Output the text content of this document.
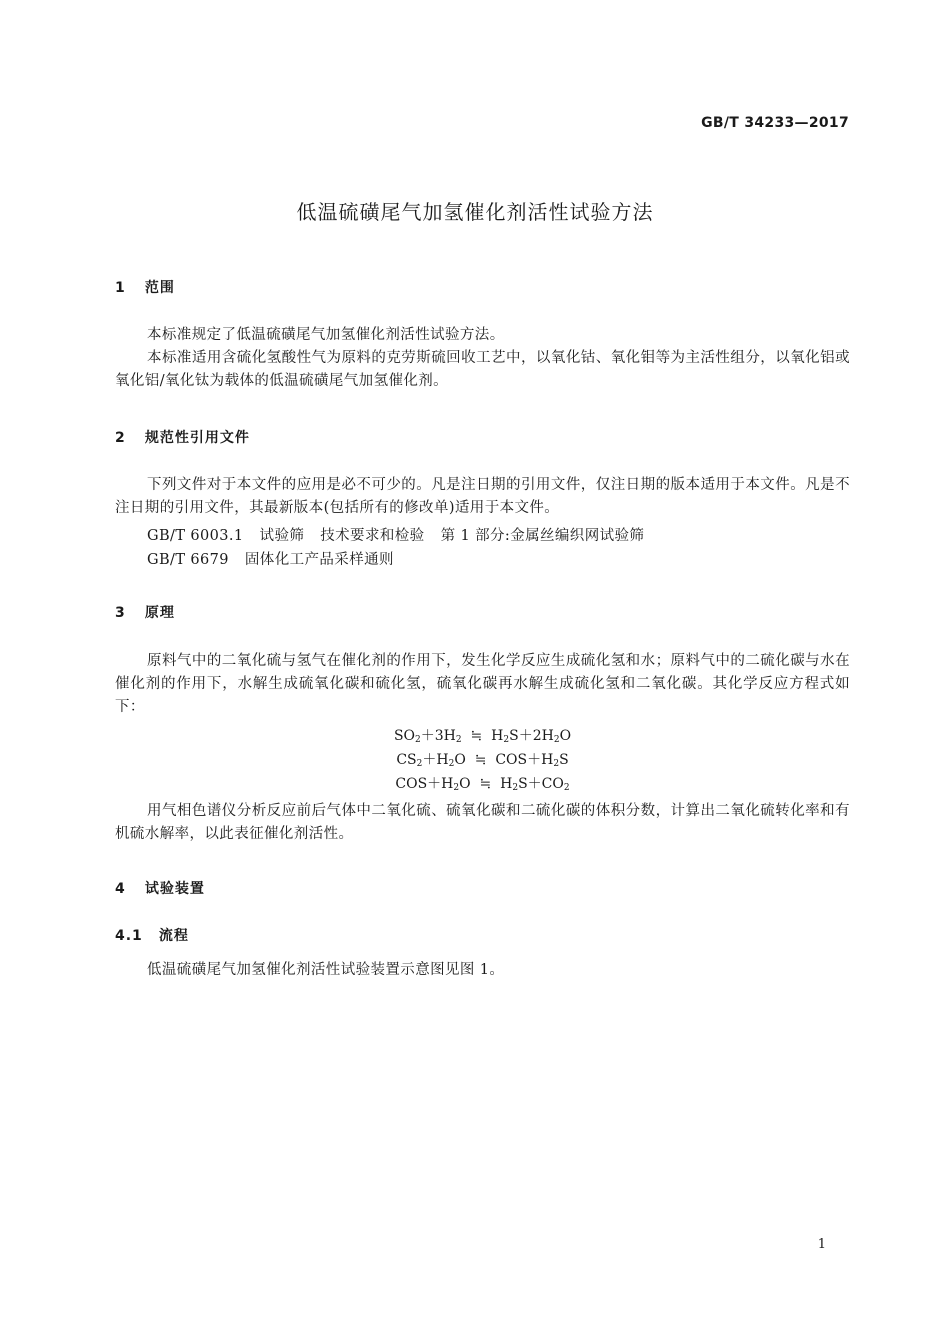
GB/T 34233—2017
低温硫磺尾气加氢催化剂活性试验方法
1 范围
本标准规定了低温硫磺尾气加氢催化剂活性试验方法。
本标准适用含硫化氢酸性气为原料的克劳斯硫回收工艺中，以氧化钴、氧化钼等为主活性组分，以氧化铝或氧化铝/氧化钛为载体的低温硫磺尾气加氢催化剂。
2 规范性引用文件
下列文件对于本文件的应用是必不可少的。凡是注日期的引用文件，仅注日期的版本适用于本文件。凡是不注日期的引用文件，其最新版本(包括所有的修改单)适用于本文件。
GB/T 6003.1 试验筛 技术要求和检验 第 1 部分:金属丝编织网试验筛
GB/T 6679 固体化工产品采样通则
3 原理
原料气中的二氧化硫与氢气在催化剂的作用下，发生化学反应生成硫化氢和水；原料气中的二硫化碳与水在催化剂的作用下，水解生成硫氧化碳和硫化氢，硫氧化碳再水解生成硫化氢和二氧化碳。其化学反应方程式如下：
$SO_2+3H_2$ ≒ $H_2S+2H_2O$
$CS_2+H_2O$ ≒ $COS+H_2S$
$COS+H_2O$ ≒ $H_2S+CO_2$
用气相色谱仪分析反应前后气体中二氧化硫、硫氧化碳和二硫化碳的体积分数，计算出二氧化硫转化率和有机硫水解率，以此表征催化剂活性。
4 试验装置
4.1 流程
低温硫磺尾气加氢催化剂活性试验装置示意图见图 1。
1
